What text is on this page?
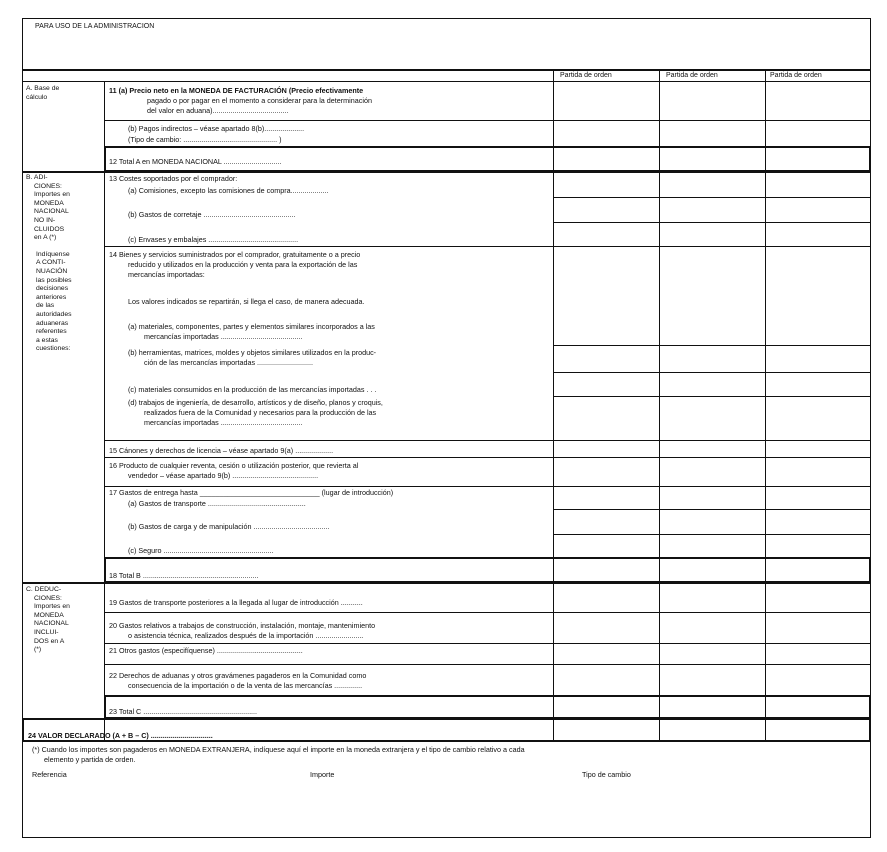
PARA USO DE LA ADMINISTRACION
Partida de orden	Partida de orden	Partida de orden
A. Base de
cálculo
B. ADI-
CIONES:
Importes en
MONEDA
NACIONAL
NO IN-
CLUIDOS
en A (*)
Indíquense
A CONTI-
NUACIÓN
las posibles
decisiones
anteriores
de las
autoridades
aduaneras
referentes
a estas
cuestiones:
C. DEDUC-
CIONES:
Importes en
MONEDA
NACIONAL
INCLUI-
DOS en A
(*)
11 (a) Precio neto en la MONEDA DE FACTURACIÓN (Precio efectivamente
pagado o por pagar en el momento a considerar para la determinación
del valor en aduana)......................................
(b) Pagos indirectos – véase apartado 8(b)....................
(Tipo de cambio: ............................................... )
12 Total A en MONEDA NACIONAL .............................
13 Costes soportados por el comprador:
(a) Comisiones, excepto las comisiones de compra...................
(b) Gastos de corretaje ..............................................
(c) Envases y embalajes .............................................
14 Bienes y servicios suministrados por el comprador, gratuitamente o a precio
reducido y utilizados en la producción y venta para la exportación de las
mercancías importadas:
Los valores indicados se repartirán, si llega el caso, de manera adecuada.
(a) materiales, componentes, partes y elementos similares incorporados a las
mercancías importadas .........................................
(b) herramientas, matrices, moldes y objetos similares utilizados en la produc-
ción de las mercancías importadas ............................
(c) materiales consumidos en la producción de las mercancías importadas . . .
(d) trabajos de ingeniería, de desarrollo, artísticos y de diseño, planos y croquis,
realizados fuera de la Comunidad y necesarios para la producción de las
mercancías importadas .........................................
15 Cánones y derechos de licencia – véase apartado 9(a) ...................
16 Producto de cualquier reventa, cesión o utilización posterior, que revierta al
vendedor – véase apartado 9(b) ...........................................
17 Gastos de entrega hasta ______________________________ (lugar de introducción)
(a) Gastos de transporte .................................................
(b) Gastos de carga y de manipulación ......................................
(c) Seguro .......................................................
18 Total B ..........................................................
19 Gastos de transporte posteriores a la llegada al lugar de introducción ...........
20 Gastos relativos a trabajos de construcción, instalación, montaje, mantenimiento
o asistencia técnica, realizados después de la importación ........................
21 Otros gastos (especifíquense) ...........................................
22 Derechos de aduanas y otros gravámenes pagaderos en la Comunidad como
consecuencia de la importación o de la venta de las mercancías ..............
23 Total C .........................................................
24 VALOR DECLARADO (A + B – C) ...............................
(*) Cuando los importes son pagaderos en MONEDA EXTRANJERA, indíquese aquí el importe en la moneda extranjera y el tipo de cambio relativo a cada
elemento y partida de orden.
Referencia	Importe	Tipo de cambio
